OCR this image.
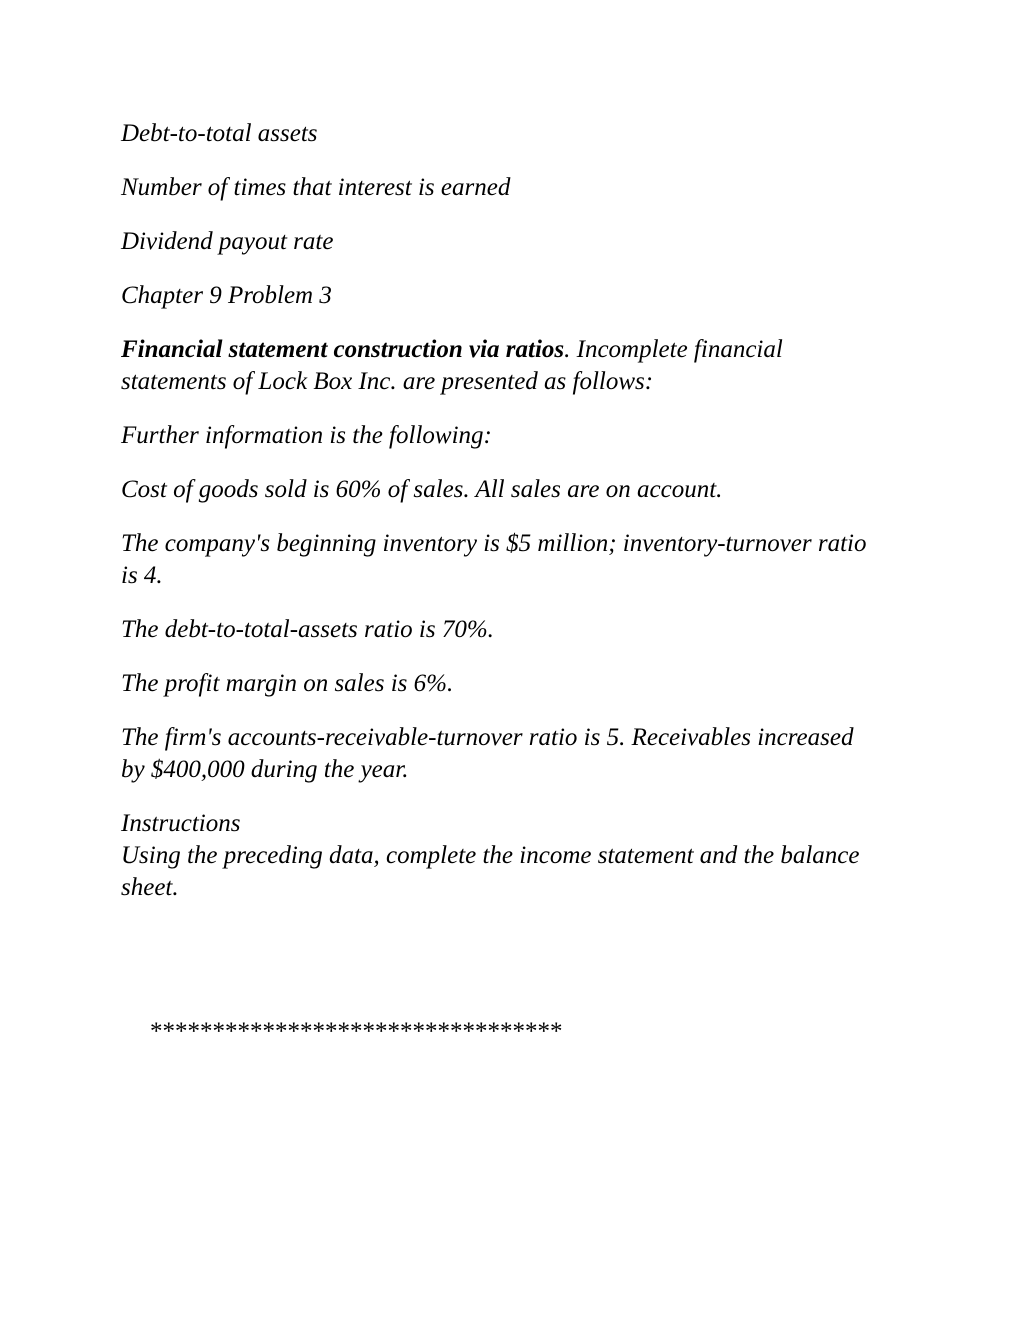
Debt-to-total assets

Number of times that interest is earned

Dividend payout rate

Chapter 9 Problem 3

Financial statement construction via ratios. Incomplete financial statements of Lock Box Inc. are presented as follows:

Further information is the following:

Cost of goods sold is 60% of sales. All sales are on account.

The company's beginning inventory is $5 million; inventory-turnover ratio is 4.

The debt-to-total-assets ratio is 70%.

The profit margin on sales is 6%.

The firm's accounts-receivable-turnover ratio is 5. Receivables increased by $400,000 during the year.

Instructions

Using the preceding data, complete the income statement and the balance sheet.

*********************************
